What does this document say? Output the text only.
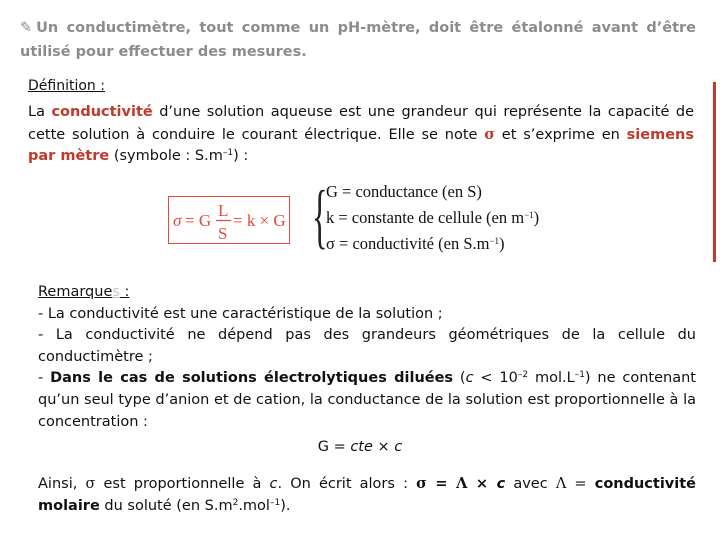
✎ Un conductimètre, tout comme un pH-mètre, doit être étalonné avant d’être utilisé pour effectuer des mesures.
Définition :
La conductivité d’une solution aqueuse est une grandeur qui représente la capacité de cette solution à conduire le courant électrique. Elle se note σ et s’exprime en siemens par mètre (symbole : $S.m^{-1}$) :
σ = G
L
S
= k × G {
G = conductance (en S)
k = constante de cellule (en $m^{-1}$)
σ = conductivité (en $S.m^{-1}$)
Remarques :
- La conductivité est une caractéristique de la solution ;
- La conductivité ne dépend pas des grandeurs géométriques de la cellule du conductimètre ;
- Dans le cas de solutions électrolytiques diluées ($c < 10^{-2}$ $mol.L^{-1}$) ne contenant qu’un seul type d’anion et de cation, la conductance de la solution est proportionnelle à la concentration :
G = cte × c
Ainsi, σ est proportionnelle à c. On écrit alors : σ = Λ × c avec Λ = conductivité molaire du soluté (en $S.m^2.mol^{-1}$).
